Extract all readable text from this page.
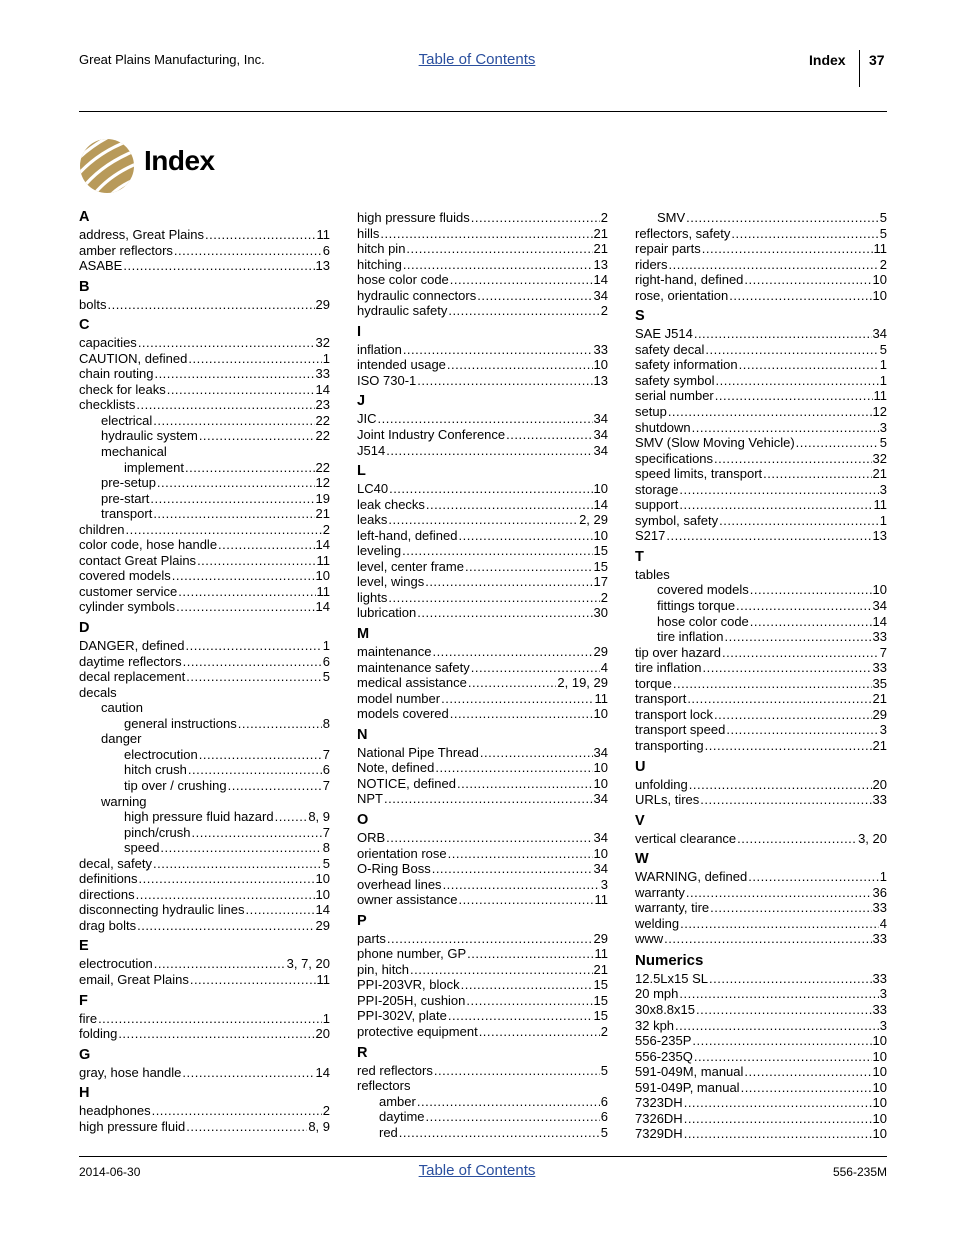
Great Plains Manufacturing, Inc.	Table of Contents	Index 37
Index
A
address, Great Plains .....	11
amber reflectors .....	6
ASABE .....	13
B
bolts .....	29
C
capacities .....	32
CAUTION, defined .....	1
chain routing .....	33
check for leaks .....	14
checklists .....	23
electrical .....	22
hydraulic system .....	22
mechanical
implement .....	22
pre-setup .....	12
pre-start .....	19
transport .....	21
children .....	2
color code, hose handle .....	14
contact Great Plains .....	11
covered models .....	10
customer service .....	11
cylinder symbols .....	14
D
DANGER, defined .....	1
daytime reflectors .....	6
decal replacement .....	5
decals
caution
general instructions .....	8
danger
electrocution .....	7
hitch crush .....	6
tip over / crushing .....	7
warning
high pressure fluid hazard .....	8, 9
pinch/crush .....	7
speed .....	8
decal, safety .....	5
definitions .....	10
directions .....	10
disconnecting hydraulic lines .....	14
drag bolts .....	29
E
electrocution .....	3, 7, 20
email, Great Plains .....	11
F
fire .....	1
folding .....	20
G
gray, hose handle .....	14
H
headphones .....	2
high pressure fluid .....	8, 9
high pressure fluids .....	2
hills .....	21
hitch pin .....	21
hitching .....	13
hose color code .....	14
hydraulic connectors .....	34
hydraulic safety .....	2
I
inflation .....	33
intended usage .....	10
ISO 730-1 .....	13
J
JIC .....	34
Joint Industry Conference .....	34
J514 .....	34
L
LC40 .....	10
leak checks .....	14
leaks .....	2, 29
left-hand, defined .....	10
leveling .....	15
level, center frame .....	15
level, wings .....	17
lights .....	2
lubrication .....	30
M
maintenance .....	29
maintenance safety .....	4
medical assistance .....	2, 19, 29
model number .....	11
models covered .....	10
N
National Pipe Thread .....	34
Note, defined .....	10
NOTICE, defined .....	10
NPT .....	34
O
ORB .....	34
orientation rose .....	10
O-Ring Boss .....	34
overhead lines .....	3
owner assistance .....	11
P
parts .....	29
phone number, GP .....	11
pin, hitch .....	21
PPI-203VR, block .....	15
PPI-205H, cushion .....	15
PPI-302V, plate .....	15
protective equipment .....	2
R
red reflectors .....	5
reflectors
amber .....	6
daytime .....	6
red .....	5
SMV .....	5
reflectors, safety .....	5
repair parts .....	11
riders .....	2
right-hand, defined .....	10
rose, orientation .....	10
S
SAE J514 .....	34
safety decal .....	5
safety information .....	1
safety symbol .....	1
serial number .....	11
setup .....	12
shutdown .....	3
SMV (Slow Moving Vehicle) .....	5
specifications .....	32
speed limits, transport .....	21
storage .....	3
support .....	11
symbol, safety .....	1
S217 .....	13
T
tables
covered models .....	10
fittings torque .....	34
hose color code .....	14
tire inflation .....	33
tip over hazard .....	7
tire inflation .....	33
torque .....	35
transport .....	21
transport lock .....	29
transport speed .....	3
transporting .....	21
U
unfolding .....	20
URLs, tires .....	33
V
vertical clearance .....	3, 20
W
WARNING, defined .....	1
warranty .....	36
warranty, tire .....	33
welding .....	4
www .....	33
Numerics
12.5Lx15 SL .....	33
20 mph .....	3
30x8.8x15 .....	33
32 kph .....	3
556-235P .....	10
556-235Q .....	10
591-049M, manual .....	10
591-049P, manual .....	10
7323DH .....	10
7326DH .....	10
7329DH .....	10
2014-06-30	Table of Contents	556-235M
